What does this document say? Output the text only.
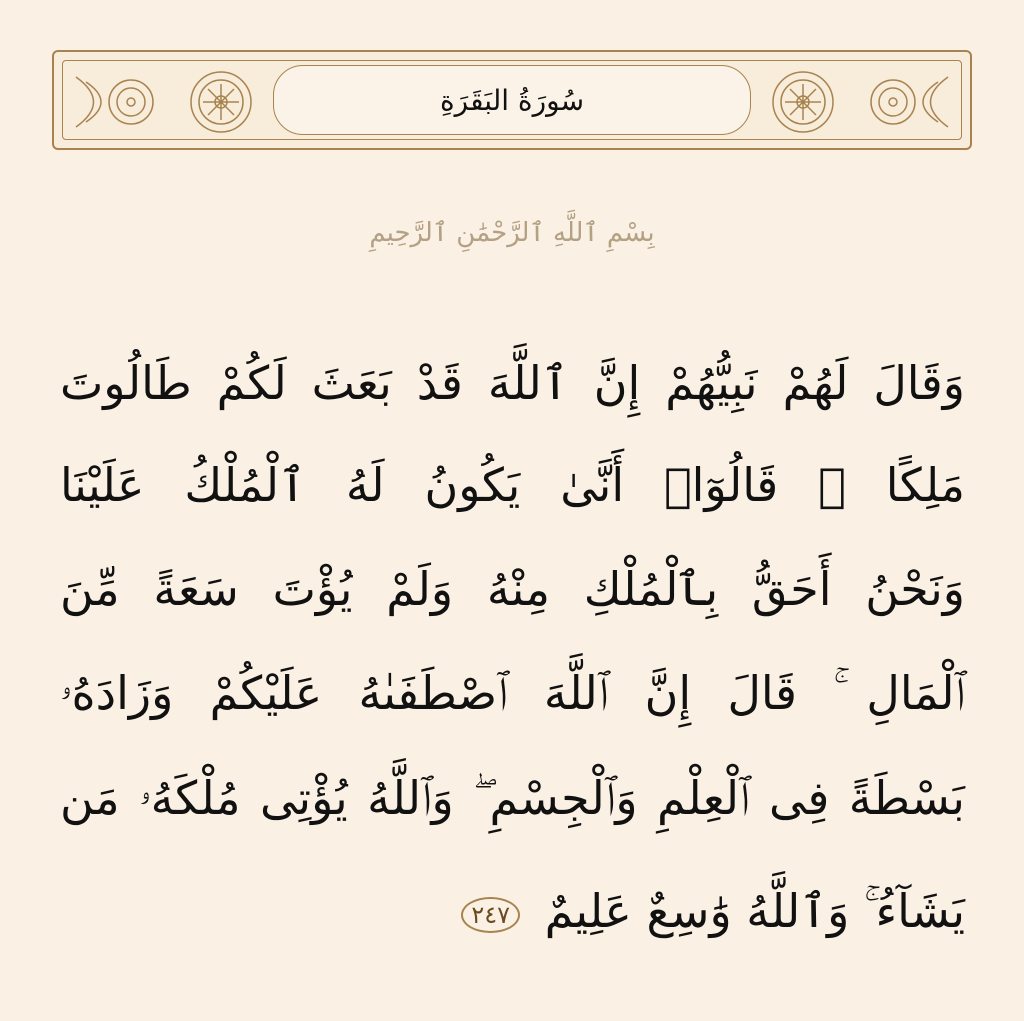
سُورَةُ البَقَرَةِ
بِسْمِ ٱللَّهِ ٱلرَّحْمَٰنِ ٱلرَّحِيمِ
وَقَالَ لَهُمْ نَبِيُّهُمْ إِنَّ ٱللَّهَ قَدْ بَعَثَ لَكُمْ طَالُوتَ
مَلِكًا ۚ قَالُوٓا۟ أَنَّىٰ يَكُونُ لَهُ ٱلْمُلْكُ عَلَيْنَا
وَنَحْنُ أَحَقُّ بِٱلْمُلْكِ مِنْهُ وَلَمْ يُؤْتَ سَعَةً مِّنَ
ٱلْمَالِ ۚ قَالَ إِنَّ ٱللَّهَ ٱصْطَفَىٰهُ عَلَيْكُمْ وَزَادَهُۥ
بَسْطَةً فِى ٱلْعِلْمِ وَٱلْجِسْمِ ۖ وَٱللَّهُ يُؤْتِى مُلْكَهُۥ مَن
يَشَآءُ ۚ وَٱللَّهُ وَٰسِعٌ عَلِيمٌ ٢٤٧
